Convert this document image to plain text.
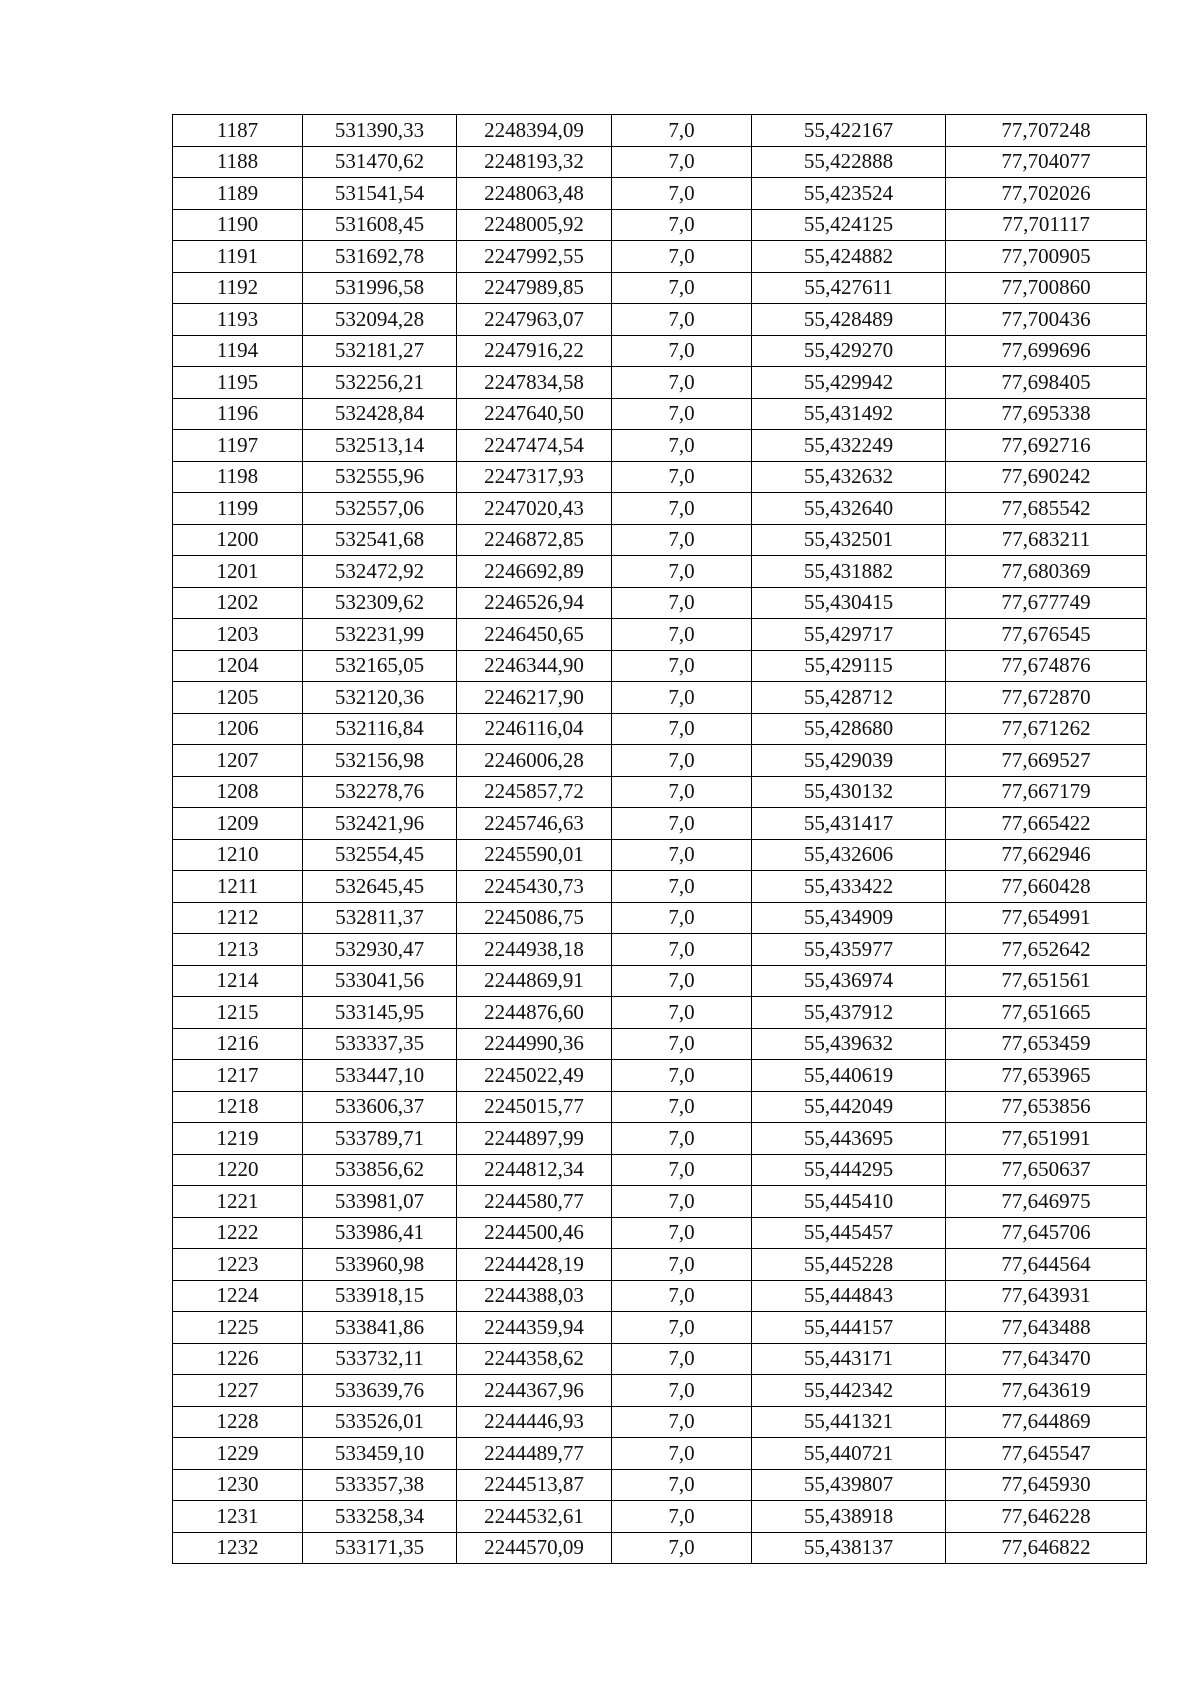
1187	531390,33	2248394,09	7,0	55,422167	77,707248
1188	531470,62	2248193,32	7,0	55,422888	77,704077
1189	531541,54	2248063,48	7,0	55,423524	77,702026
1190	531608,45	2248005,92	7,0	55,424125	77,701117
1191	531692,78	2247992,55	7,0	55,424882	77,700905
1192	531996,58	2247989,85	7,0	55,427611	77,700860
1193	532094,28	2247963,07	7,0	55,428489	77,700436
1194	532181,27	2247916,22	7,0	55,429270	77,699696
1195	532256,21	2247834,58	7,0	55,429942	77,698405
1196	532428,84	2247640,50	7,0	55,431492	77,695338
1197	532513,14	2247474,54	7,0	55,432249	77,692716
1198	532555,96	2247317,93	7,0	55,432632	77,690242
1199	532557,06	2247020,43	7,0	55,432640	77,685542
1200	532541,68	2246872,85	7,0	55,432501	77,683211
1201	532472,92	2246692,89	7,0	55,431882	77,680369
1202	532309,62	2246526,94	7,0	55,430415	77,677749
1203	532231,99	2246450,65	7,0	55,429717	77,676545
1204	532165,05	2246344,90	7,0	55,429115	77,674876
1205	532120,36	2246217,90	7,0	55,428712	77,672870
1206	532116,84	2246116,04	7,0	55,428680	77,671262
1207	532156,98	2246006,28	7,0	55,429039	77,669527
1208	532278,76	2245857,72	7,0	55,430132	77,667179
1209	532421,96	2245746,63	7,0	55,431417	77,665422
1210	532554,45	2245590,01	7,0	55,432606	77,662946
1211	532645,45	2245430,73	7,0	55,433422	77,660428
1212	532811,37	2245086,75	7,0	55,434909	77,654991
1213	532930,47	2244938,18	7,0	55,435977	77,652642
1214	533041,56	2244869,91	7,0	55,436974	77,651561
1215	533145,95	2244876,60	7,0	55,437912	77,651665
1216	533337,35	2244990,36	7,0	55,439632	77,653459
1217	533447,10	2245022,49	7,0	55,440619	77,653965
1218	533606,37	2245015,77	7,0	55,442049	77,653856
1219	533789,71	2244897,99	7,0	55,443695	77,651991
1220	533856,62	2244812,34	7,0	55,444295	77,650637
1221	533981,07	2244580,77	7,0	55,445410	77,646975
1222	533986,41	2244500,46	7,0	55,445457	77,645706
1223	533960,98	2244428,19	7,0	55,445228	77,644564
1224	533918,15	2244388,03	7,0	55,444843	77,643931
1225	533841,86	2244359,94	7,0	55,444157	77,643488
1226	533732,11	2244358,62	7,0	55,443171	77,643470
1227	533639,76	2244367,96	7,0	55,442342	77,643619
1228	533526,01	2244446,93	7,0	55,441321	77,644869
1229	533459,10	2244489,77	7,0	55,440721	77,645547
1230	533357,38	2244513,87	7,0	55,439807	77,645930
1231	533258,34	2244532,61	7,0	55,438918	77,646228
1232	533171,35	2244570,09	7,0	55,438137	77,646822
